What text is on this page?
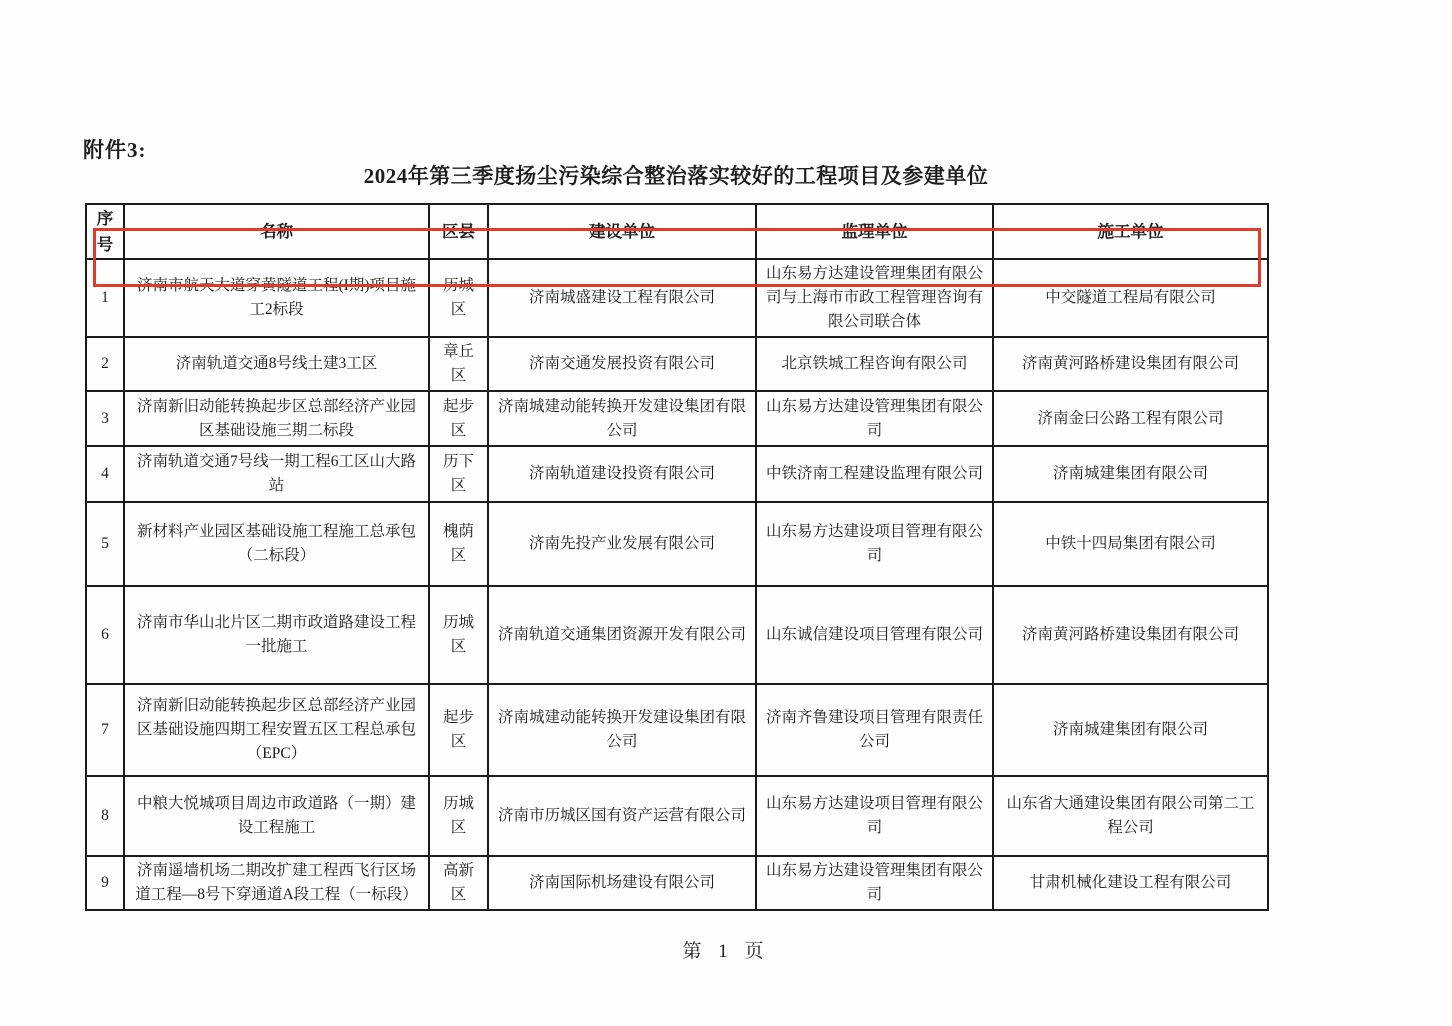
附件3:
2024年第三季度扬尘污染综合整治落实较好的工程项目及参建单位
序号	名称	区县	建设单位	监理单位	施工单位
1	济南市航天大道穿黄隧道工程(I期)项目施工2标段	历城区	济南城盛建设工程有限公司	山东易方达建设管理集团有限公司与上海市市政工程管理咨询有限公司联合体	中交隧道工程局有限公司
2	济南轨道交通8号线土建3工区	章丘区	济南交通发展投资有限公司	北京铁城工程咨询有限公司	济南黄河路桥建设集团有限公司
3	济南新旧动能转换起步区总部经济产业园区基础设施三期二标段	起步区	济南城建动能转换开发建设集团有限公司	山东易方达建设管理集团有限公司	济南金曰公路工程有限公司
4	济南轨道交通7号线一期工程6工区山大路站	历下区	济南轨道建设投资有限公司	中铁济南工程建设监理有限公司	济南城建集团有限公司
5	新材料产业园区基础设施工程施工总承包（二标段）	槐荫区	济南先投产业发展有限公司	山东易方达建设项目管理有限公司	中铁十四局集团有限公司
6	济南市华山北片区二期市政道路建设工程一批施工	历城区	济南轨道交通集团资源开发有限公司	山东诚信建设项目管理有限公司	济南黄河路桥建设集团有限公司
7	济南新旧动能转换起步区总部经济产业园区基础设施四期工程安置五区工程总承包（EPC）	起步区	济南城建动能转换开发建设集团有限公司	济南齐鲁建设项目管理有限责任公司	济南城建集团有限公司
8	中粮大悦城项目周边市政道路（一期）建设工程施工	历城区	济南市历城区国有资产运营有限公司	山东易方达建设项目管理有限公司	山东省大通建设集团有限公司第二工程公司
9	济南遥墙机场二期改扩建工程西飞行区场道工程—8号下穿通道A段工程（一标段）	高新区	济南国际机场建设有限公司	山东易方达建设管理集团有限公司	甘肃机械化建设工程有限公司
第 1 页
